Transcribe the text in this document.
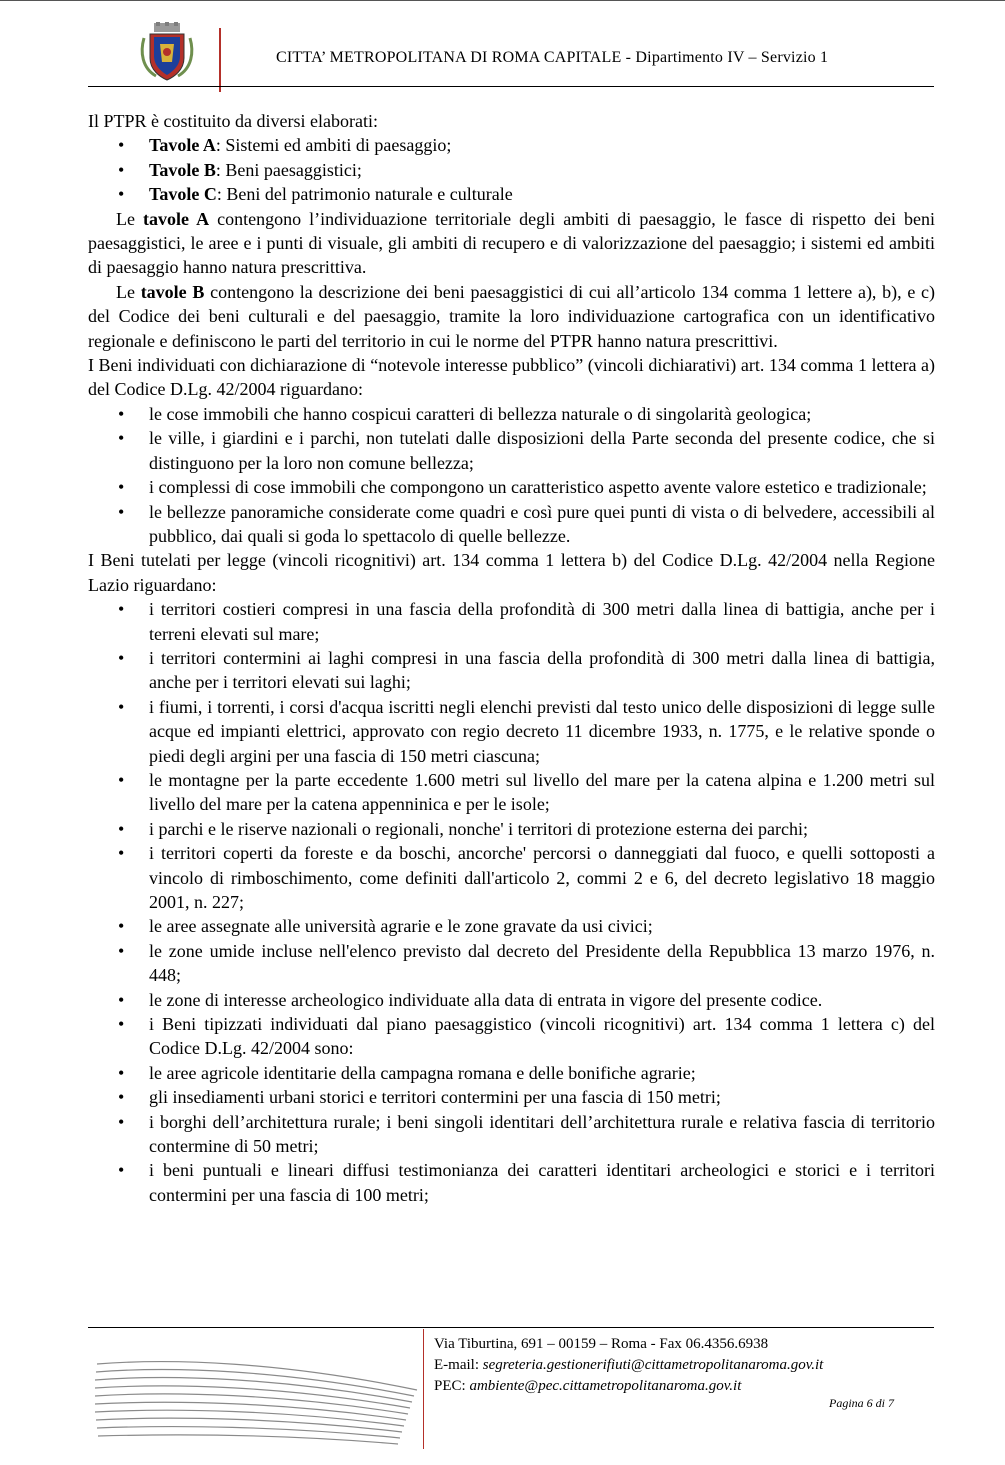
CITTA’ METROPOLITANA DI ROMA CAPITALE - Dipartimento IV – Servizio 1

Il PTPR è costituito da diversi elaborati:

• Tavole A: Sistemi ed ambiti di paesaggio;
• Tavole B: Beni paesaggistici;
• Tavole C: Beni del patrimonio naturale e culturale

Le tavole A contengono l’individuazione territoriale degli ambiti di paesaggio, le fasce di rispetto dei beni paesaggistici, le aree e i punti di visuale, gli ambiti di recupero e di valorizzazione del paesaggio; i sistemi ed ambiti di paesaggio hanno natura prescrittiva.

Le tavole B contengono la descrizione dei beni paesaggistici di cui all’articolo 134 comma 1 lettere a), b), e c) del Codice dei beni culturali e del paesaggio, tramite la loro individuazione cartografica con un identificativo regionale e definiscono le parti del territorio in cui le norme del PTPR hanno natura prescrittivi.

I Beni individuati con dichiarazione di “notevole interesse pubblico” (vincoli dichiarativi) art. 134 comma 1 lettera a) del Codice D.Lg. 42/2004 riguardano:

• le cose immobili che hanno cospicui caratteri di bellezza naturale o di singolarità geologica;
• le ville, i giardini e i parchi, non tutelati dalle disposizioni della Parte seconda del presente codice, che si distinguono per la loro non comune bellezza;
• i complessi di cose immobili che compongono un caratteristico aspetto avente valore estetico e tradizionale;
• le bellezze panoramiche considerate come quadri e così pure quei punti di vista o di belvedere, accessibili al pubblico, dai quali si goda lo spettacolo di quelle bellezze.

I Beni tutelati per legge (vincoli ricognitivi) art. 134 comma 1 lettera b) del Codice D.Lg. 42/2004 nella Regione Lazio riguardano:

• i territori costieri compresi in una fascia della profondità di 300 metri dalla linea di battigia, anche per i terreni elevati sul mare;
• i territori contermini ai laghi compresi in una fascia della profondità di 300 metri dalla linea di battigia, anche per i territori elevati sui laghi;
• i fiumi, i torrenti, i corsi d'acqua iscritti negli elenchi previsti dal testo unico delle disposizioni di legge sulle acque ed impianti elettrici, approvato con regio decreto 11 dicembre 1933, n. 1775, e le relative sponde o piedi degli argini per una fascia di 150 metri ciascuna;
• le montagne per la parte eccedente 1.600 metri sul livello del mare per la catena alpina e 1.200 metri sul livello del mare per la catena appenninica e per le isole;
• i parchi e le riserve nazionali o regionali, nonche' i territori di protezione esterna dei parchi;
• i territori coperti da foreste e da boschi, ancorche' percorsi o danneggiati dal fuoco, e quelli sottoposti a vincolo di rimboschimento, come definiti dall'articolo 2, commi 2 e 6, del decreto legislativo 18 maggio 2001, n. 227;
• le aree assegnate alle università agrarie e le zone gravate da usi civici;
• le zone umide incluse nell'elenco previsto dal decreto del Presidente della Repubblica 13 marzo 1976, n. 448;
• le zone di interesse archeologico individuate alla data di entrata in vigore del presente codice.
• i Beni tipizzati individuati dal piano paesaggistico (vincoli ricognitivi) art. 134 comma 1 lettera c) del Codice D.Lg. 42/2004 sono:
• le aree agricole identitarie della campagna romana e delle bonifiche agrarie;
• gli insediamenti urbani storici e territori contermini per una fascia di 150 metri;
• i borghi dell’architettura rurale; i beni singoli identitari dell’architettura rurale e relativa fascia di territorio contermine di 50 metri;
• i beni puntuali e lineari diffusi testimonianza dei caratteri identitari archeologici e storici e i territori contermini per una fascia di 100 metri;
Via Tiburtina, 691 – 00159 – Roma - Fax 06.4356.6938
E-mail: segreteria.gestionerifiuti@cittametropolitanaroma.gov.it
PEC: ambiente@pec.cittametropolitanaroma.gov.it
Pagina 6 di 7
